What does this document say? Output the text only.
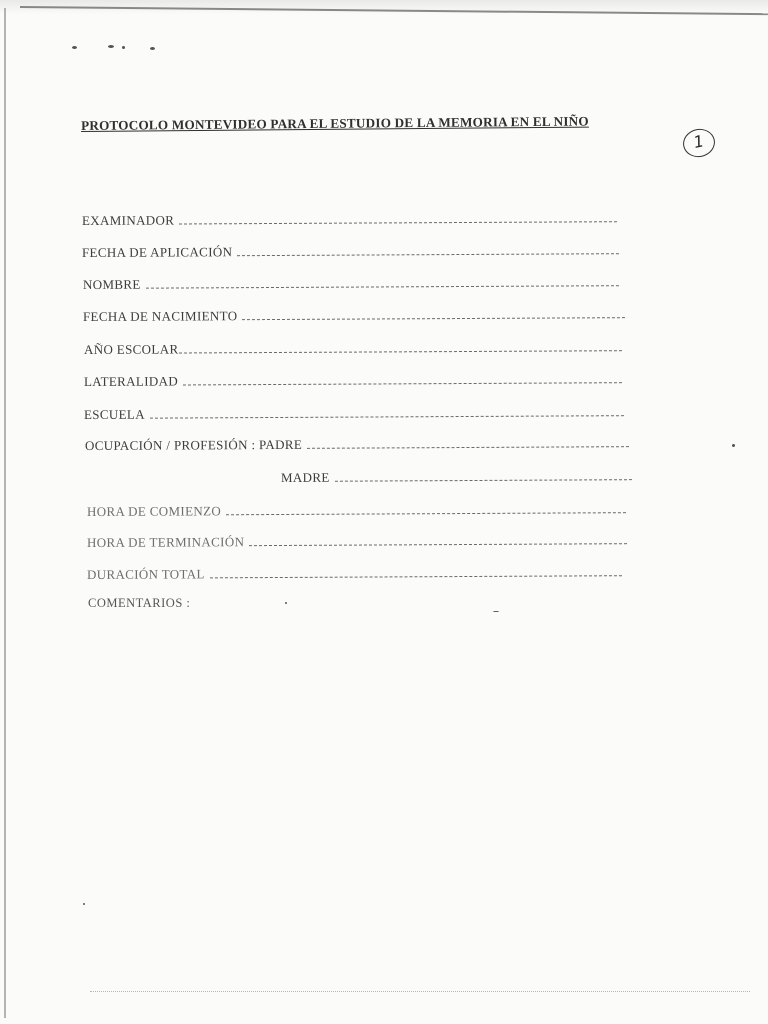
PROTOCOLO MONTEVIDEO PARA EL ESTUDIO DE LA MEMORIA EN EL NIÑO
1
EXAMINADOR
FECHA DE APLICACIÓN
NOMBRE
FECHA DE NACIMIENTO
AÑO ESCOLAR
LATERALIDAD
ESCUELA
OCUPACIÓN / PROFESIÓN : PADRE
MADRE
HORA DE COMIENZO
HORA DE TERMINACIÓN
DURACIÓN TOTAL
COMENTARIOS :
